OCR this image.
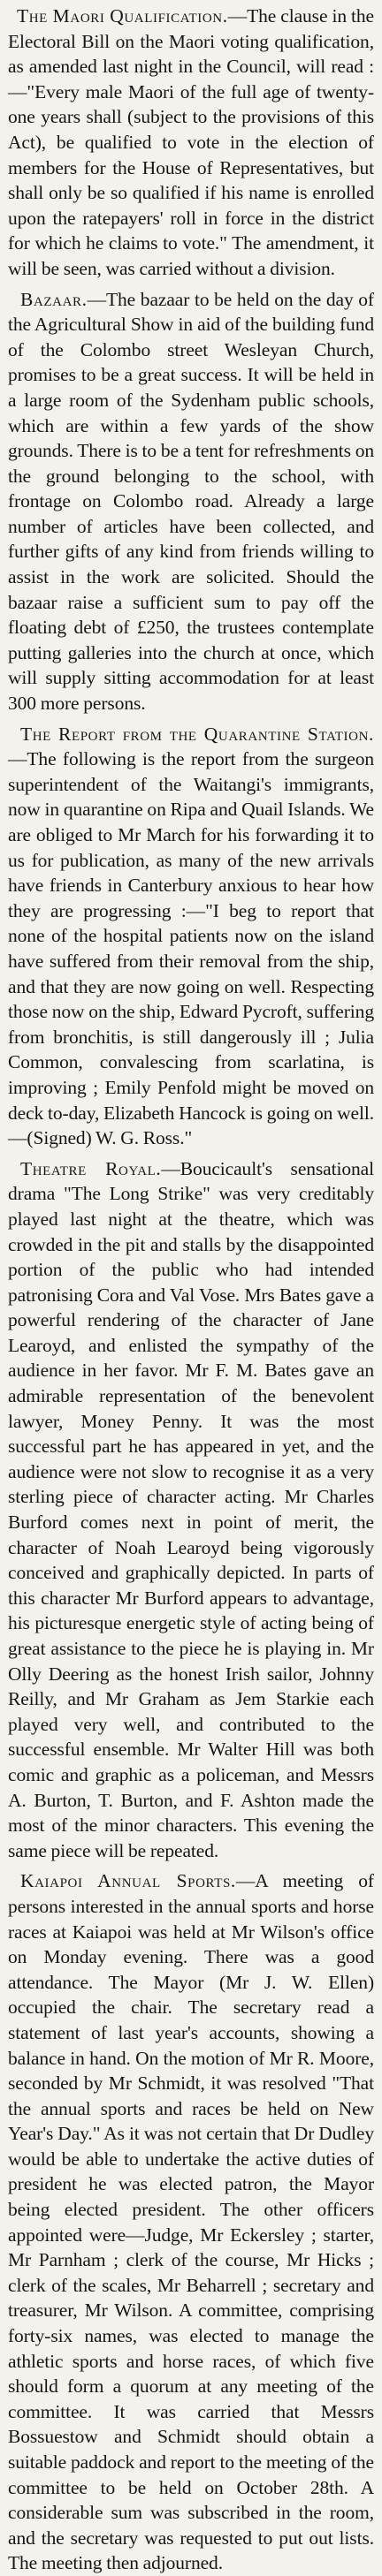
The Maori Qualification.—The clause in the Electoral Bill on the Maori voting qualification, as amended last night in the Council, will read :—"Every male Maori of the full age of twenty-one years shall (subject to the provisions of this Act), be qualified to vote in the election of members for the House of Representatives, but shall only be so qualified if his name is enrolled upon the ratepayers' roll in force in the district for which he claims to vote." The amendment, it will be seen, was carried without a division.

Bazaar.—The bazaar to be held on the day of the Agricultural Show in aid of the building fund of the Colombo street Wesleyan Church, promises to be a great success. It will be held in a large room of the Sydenham public schools, which are within a few yards of the show grounds. There is to be a tent for refreshments on the ground belonging to the school, with frontage on Colombo road. Already a large number of articles have been collected, and further gifts of any kind from friends willing to assist in the work are solicited. Should the bazaar raise a sufficient sum to pay off the floating debt of £250, the trustees contemplate putting galleries into the church at once, which will supply sitting accommodation for at least 300 more persons.

The Report from the Quarantine Station.—The following is the report from the surgeon superintendent of the Waitangi's immigrants, now in quarantine on Ripa and Quail Islands. We are obliged to Mr March for his forwarding it to us for publication, as many of the new arrivals have friends in Canterbury anxious to hear how they are progressing :—"I beg to report that none of the hospital patients now on the island have suffered from their removal from the ship, and that they are now going on well. Respecting those now on the ship, Edward Pycroft, suffering from bronchitis, is still dangerously ill ; Julia Common, convalescing from scarlatina, is improving ; Emily Penfold might be moved on deck to-day, Elizabeth Hancock is going on well.—(Signed) W. G. Ross."

Theatre Royal.—Boucicault's sensational drama "The Long Strike" was very creditably played last night at the theatre, which was crowded in the pit and stalls by the disappointed portion of the public who had intended patronising Cora and Val Vose. Mrs Bates gave a powerful rendering of the character of Jane Learoyd, and enlisted the sympathy of the audience in her favor. Mr F. M. Bates gave an admirable representation of the benevolent lawyer, Money Penny. It was the most successful part he has appeared in yet, and the audience were not slow to recognise it as a very sterling piece of character acting. Mr Charles Burford comes next in point of merit, the character of Noah Learoyd being vigorously conceived and graphically depicted. In parts of this character Mr Burford appears to advantage, his picturesque energetic style of acting being of great assistance to the piece he is playing in. Mr Olly Deering as the honest Irish sailor, Johnny Reilly, and Mr Graham as Jem Starkie each played very well, and contributed to the successful ensemble. Mr Walter Hill was both comic and graphic as a policeman, and Messrs A. Burton, T. Burton, and F. Ashton made the most of the minor characters. This evening the same piece will be repeated.

Kaiapoi Annual Sports.—A meeting of persons interested in the annual sports and horse races at Kaiapoi was held at Mr Wilson's office on Monday evening. There was a good attendance. The Mayor (Mr J. W. Ellen) occupied the chair. The secretary read a statement of last year's accounts, showing a balance in hand. On the motion of Mr R. Moore, seconded by Mr Schmidt, it was resolved "That the annual sports and races be held on New Year's Day." As it was not certain that Dr Dudley would be able to undertake the active duties of president he was elected patron, the Mayor being elected president. The other officers appointed were—Judge, Mr Eckersley ; starter, Mr Parnham ; clerk of the course, Mr Hicks ; clerk of the scales, Mr Beharrell ; secretary and treasurer, Mr Wilson. A committee, comprising forty-six names, was elected to manage the athletic sports and horse races, of which five should form a quorum at any meeting of the committee. It was carried that Messrs Bossuestow and Schmidt should obtain a suitable paddock and report to the meeting of the committee to be held on October 28th. A considerable sum was subscribed in the room, and the secretary was requested to put out lists. The meeting then adjourned.
